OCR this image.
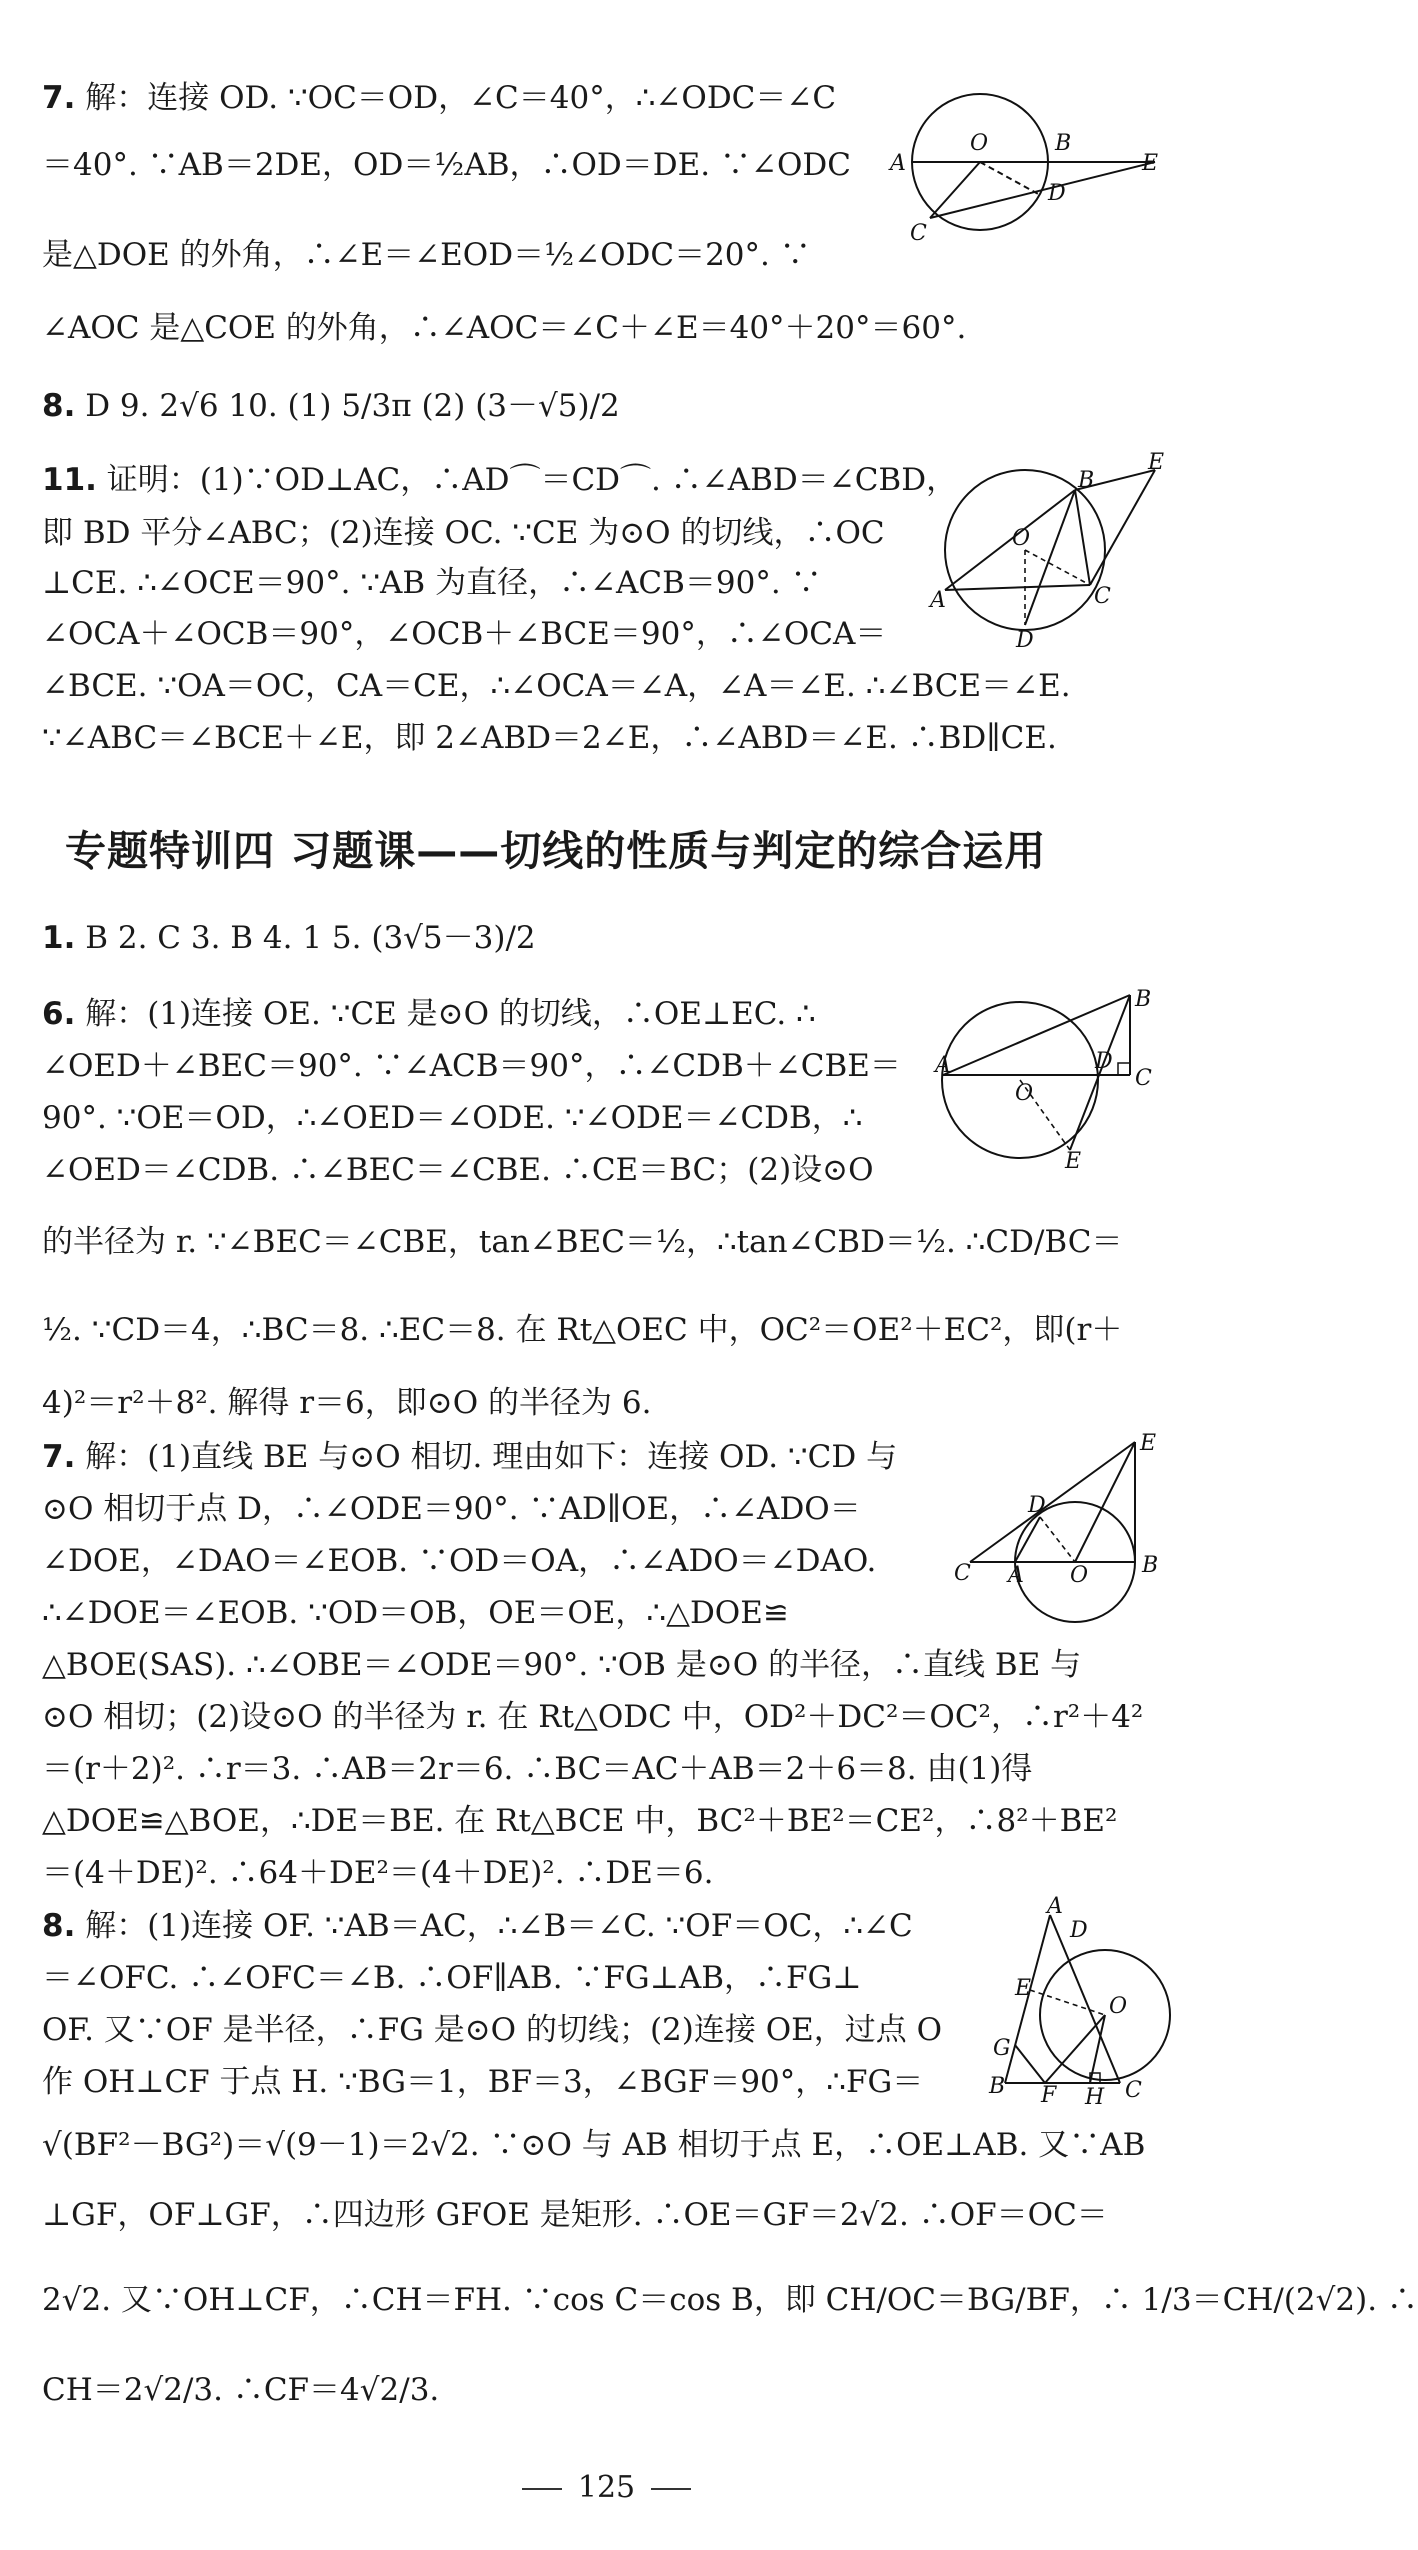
7. 解：连接 OD. ∵OC＝OD，∠C＝40°，∴∠ODC＝∠C
＝40°. ∵AB＝2DE，OD＝½AB，∴OD＝DE. ∵∠ODC
是△DOE 的外角，∴∠E＝∠EOD＝½∠ODC＝20°. ∵
∠AOC 是△COE 的外角，∴∠AOC＝∠C＋∠E＝40°＋20°＝60°.
8. D 9. 2√6 10. (1) 5/3π (2) (3－√5)/2
11. 证明：(1)∵OD⊥AC，∴AD⌒＝CD⌒. ∴∠ABD＝∠CBD，
即 BD 平分∠ABC；(2)连接 OC. ∵CE 为⊙O 的切线，∴OC
⊥CE. ∴∠OCE＝90°. ∵AB 为直径，∴∠ACB＝90°. ∵
∠OCA＋∠OCB＝90°，∠OCB＋∠BCE＝90°，∴∠OCA＝
∠BCE. ∵OA＝OC，CA＝CE，∴∠OCA＝∠A，∠A＝∠E. ∴∠BCE＝∠E.
∵∠ABC＝∠BCE＋∠E，即 2∠ABD＝2∠E，∴∠ABD＝∠E. ∴BD∥CE.
专题特训四 习题课——切线的性质与判定的综合运用
1. B 2. C 3. B 4. 1 5. (3√5－3)/2
6. 解：(1)连接 OE. ∵CE 是⊙O 的切线，∴OE⊥EC. ∴
∠OED＋∠BEC＝90°. ∵∠ACB＝90°，∴∠CDB＋∠CBE＝
90°. ∵OE＝OD，∴∠OED＝∠ODE. ∵∠ODE＝∠CDB，∴
∠OED＝∠CDB. ∴∠BEC＝∠CBE. ∴CE＝BC；(2)设⊙O
的半径为 r. ∵∠BEC＝∠CBE，tan∠BEC＝½，∴tan∠CBD＝½. ∴CD/BC＝
½. ∵CD＝4，∴BC＝8. ∴EC＝8. 在 Rt△OEC 中，OC²＝OE²＋EC²，即(r＋
4)²＝r²＋8². 解得 r＝6，即⊙O 的半径为 6.
7. 解：(1)直线 BE 与⊙O 相切. 理由如下：连接 OD. ∵CD 与
⊙O 相切于点 D，∴∠ODE＝90°. ∵AD∥OE，∴∠ADO＝
∠DOE，∠DAO＝∠EOB. ∵OD＝OA，∴∠ADO＝∠DAO.
∴∠DOE＝∠EOB. ∵OD＝OB，OE＝OE，∴△DOE≌
△BOE(SAS). ∴∠OBE＝∠ODE＝90°. ∵OB 是⊙O 的半径，∴直线 BE 与
⊙O 相切；(2)设⊙O 的半径为 r. 在 Rt△ODC 中，OD²＋DC²＝OC²，∴r²＋4²
＝(r＋2)². ∴r＝3. ∴AB＝2r＝6. ∴BC＝AC＋AB＝2＋6＝8. 由(1)得
△DOE≌△BOE，∴DE＝BE. 在 Rt△BCE 中，BC²＋BE²＝CE²，∴8²＋BE²
＝(4＋DE)². ∴64＋DE²＝(4＋DE)². ∴DE＝6.
8. 解：(1)连接 OF. ∵AB＝AC，∴∠B＝∠C. ∵OF＝OC，∴∠C
＝∠OFC. ∴∠OFC＝∠B. ∴OF∥AB. ∵FG⊥AB，∴FG⊥
OF. 又∵OF 是半径，∴FG 是⊙O 的切线；(2)连接 OE，过点 O
作 OH⊥CF 于点 H. ∵BG＝1，BF＝3，∠BGF＝90°，∴FG＝
√(BF²－BG²)＝√(9－1)＝2√2. ∵⊙O 与 AB 相切于点 E，∴OE⊥AB. 又∵AB
⊥GF，OF⊥GF，∴四边形 GFOE 是矩形. ∴OE＝GF＝2√2. ∴OF＝OC＝
2√2. 又∵OH⊥CF，∴CH＝FH. ∵cos C＝cos B，即 CH/OC＝BG/BF，∴ 1/3＝CH/(2√2). ∴
CH＝2√2/3. ∴CF＝4√2/3.
A
O	B
E
D
C
E
B
O
C
A
D
B
A	D
C
O
E
E
D
C A O B
A
D
E
O
G
B F H C
125
